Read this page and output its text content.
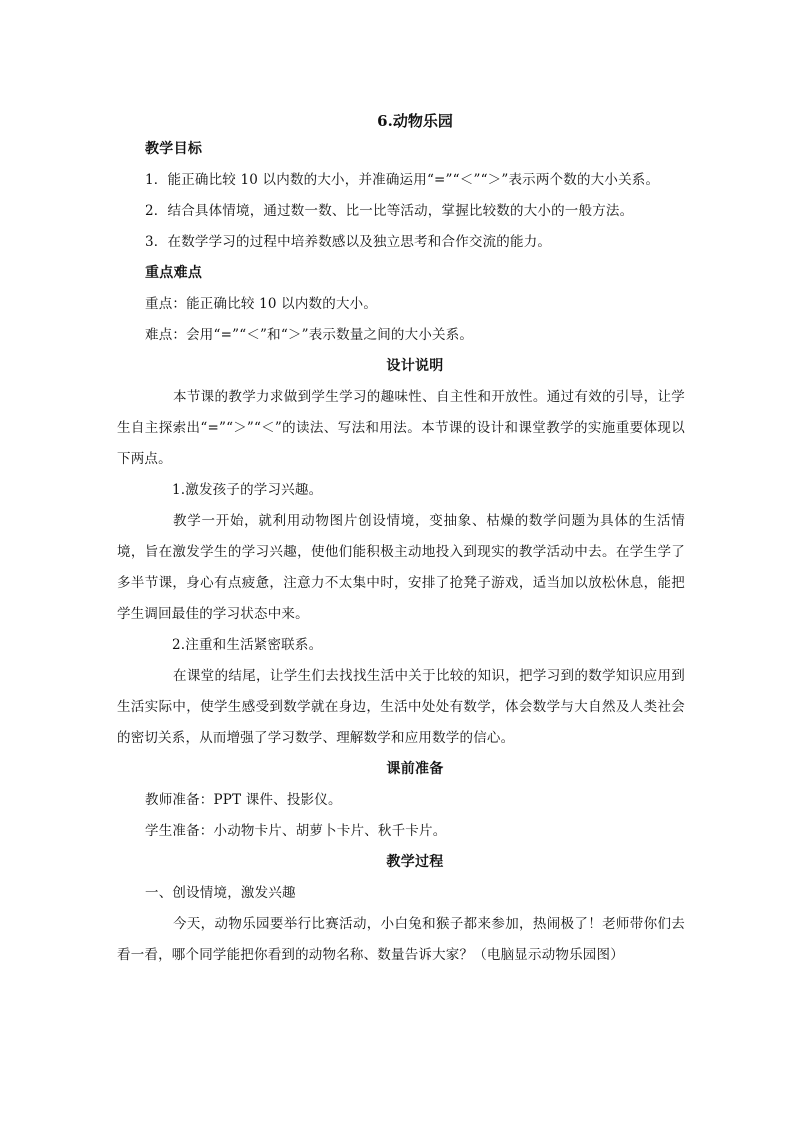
6.动物乐园
教学目标
1．能正确比较 10 以内数的大小，并准确运用“=”“＜”“＞”表示两个数的大小关系。
2．结合具体情境，通过数一数、比一比等活动，掌握比较数的大小的一般方法。
3．在数学学习的过程中培养数感以及独立思考和合作交流的能力。
重点难点
重点：能正确比较 10 以内数的大小。
难点：会用“=”“＜”和“＞”表示数量之间的大小关系。
设计说明
本节课的教学力求做到学生学习的趣味性、自主性和开放性。通过有效的引导，让学生自主探索出“=”“＞”“＜”的读法、写法和用法。本节课的设计和课堂教学的实施重要体现以下两点。
1.激发孩子的学习兴趣。
教学一开始，就利用动物图片创设情境，变抽象、枯燥的数学问题为具体的生活情境，旨在激发学生的学习兴趣，使他们能积极主动地投入到现实的教学活动中去。在学生学了多半节课，身心有点疲惫，注意力不太集中时，安排了抢凳子游戏，适当加以放松休息，能把学生调回最佳的学习状态中来。
2.注重和生活紧密联系。
在课堂的结尾，让学生们去找找生活中关于比较的知识，把学习到的数学知识应用到生活实际中，使学生感受到数学就在身边，生活中处处有数学，体会数学与大自然及人类社会的密切关系，从而增强了学习数学、理解数学和应用数学的信心。
课前准备
教师准备：PPT 课件、投影仪。
学生准备：小动物卡片、胡萝卜卡片、秋千卡片。
教学过程
一、创设情境，激发兴趣
今天，动物乐园要举行比赛活动，小白兔和猴子都来参加，热闹极了！老师带你们去看一看，哪个同学能把你看到的动物名称、数量告诉大家？（电脑显示动物乐园图）
